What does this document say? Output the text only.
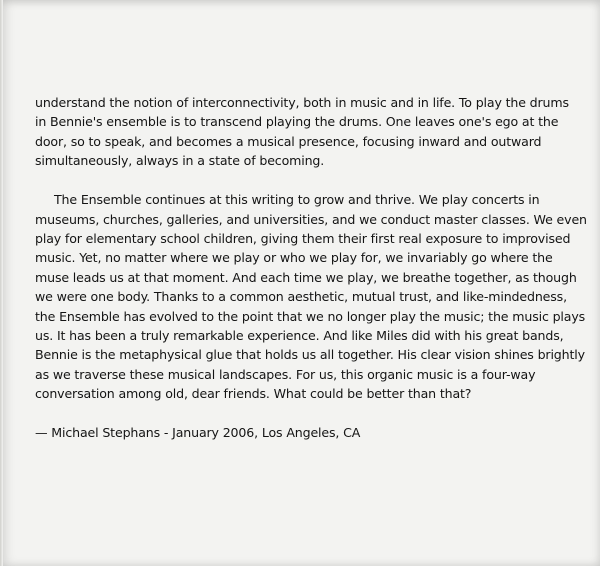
understand the notion of interconnectivity, both in music and in life. To play the drums
in Bennie's ensemble is to transcend playing the drums. One leaves one's ego at the
door, so to speak, and becomes a musical presence, focusing inward and outward
simultaneously, always in a state of becoming.

The Ensemble continues at this writing to grow and thrive. We play concerts in
museums, churches, galleries, and universities, and we conduct master classes. We even
play for elementary school children, giving them their first real exposure to improvised
music. Yet, no matter where we play or who we play for, we invariably go where the
muse leads us at that moment. And each time we play, we breathe together, as though
we were one body. Thanks to a common aesthetic, mutual trust, and like-mindedness,
the Ensemble has evolved to the point that we no longer play the music; the music plays
us. It has been a truly remarkable experience. And like Miles did with his great bands,
Bennie is the metaphysical glue that holds us all together. His clear vision shines brightly
as we traverse these musical landscapes. For us, this organic music is a four-way
conversation among old, dear friends. What could be better than that?

— Michael Stephans - January 2006, Los Angeles, CA
